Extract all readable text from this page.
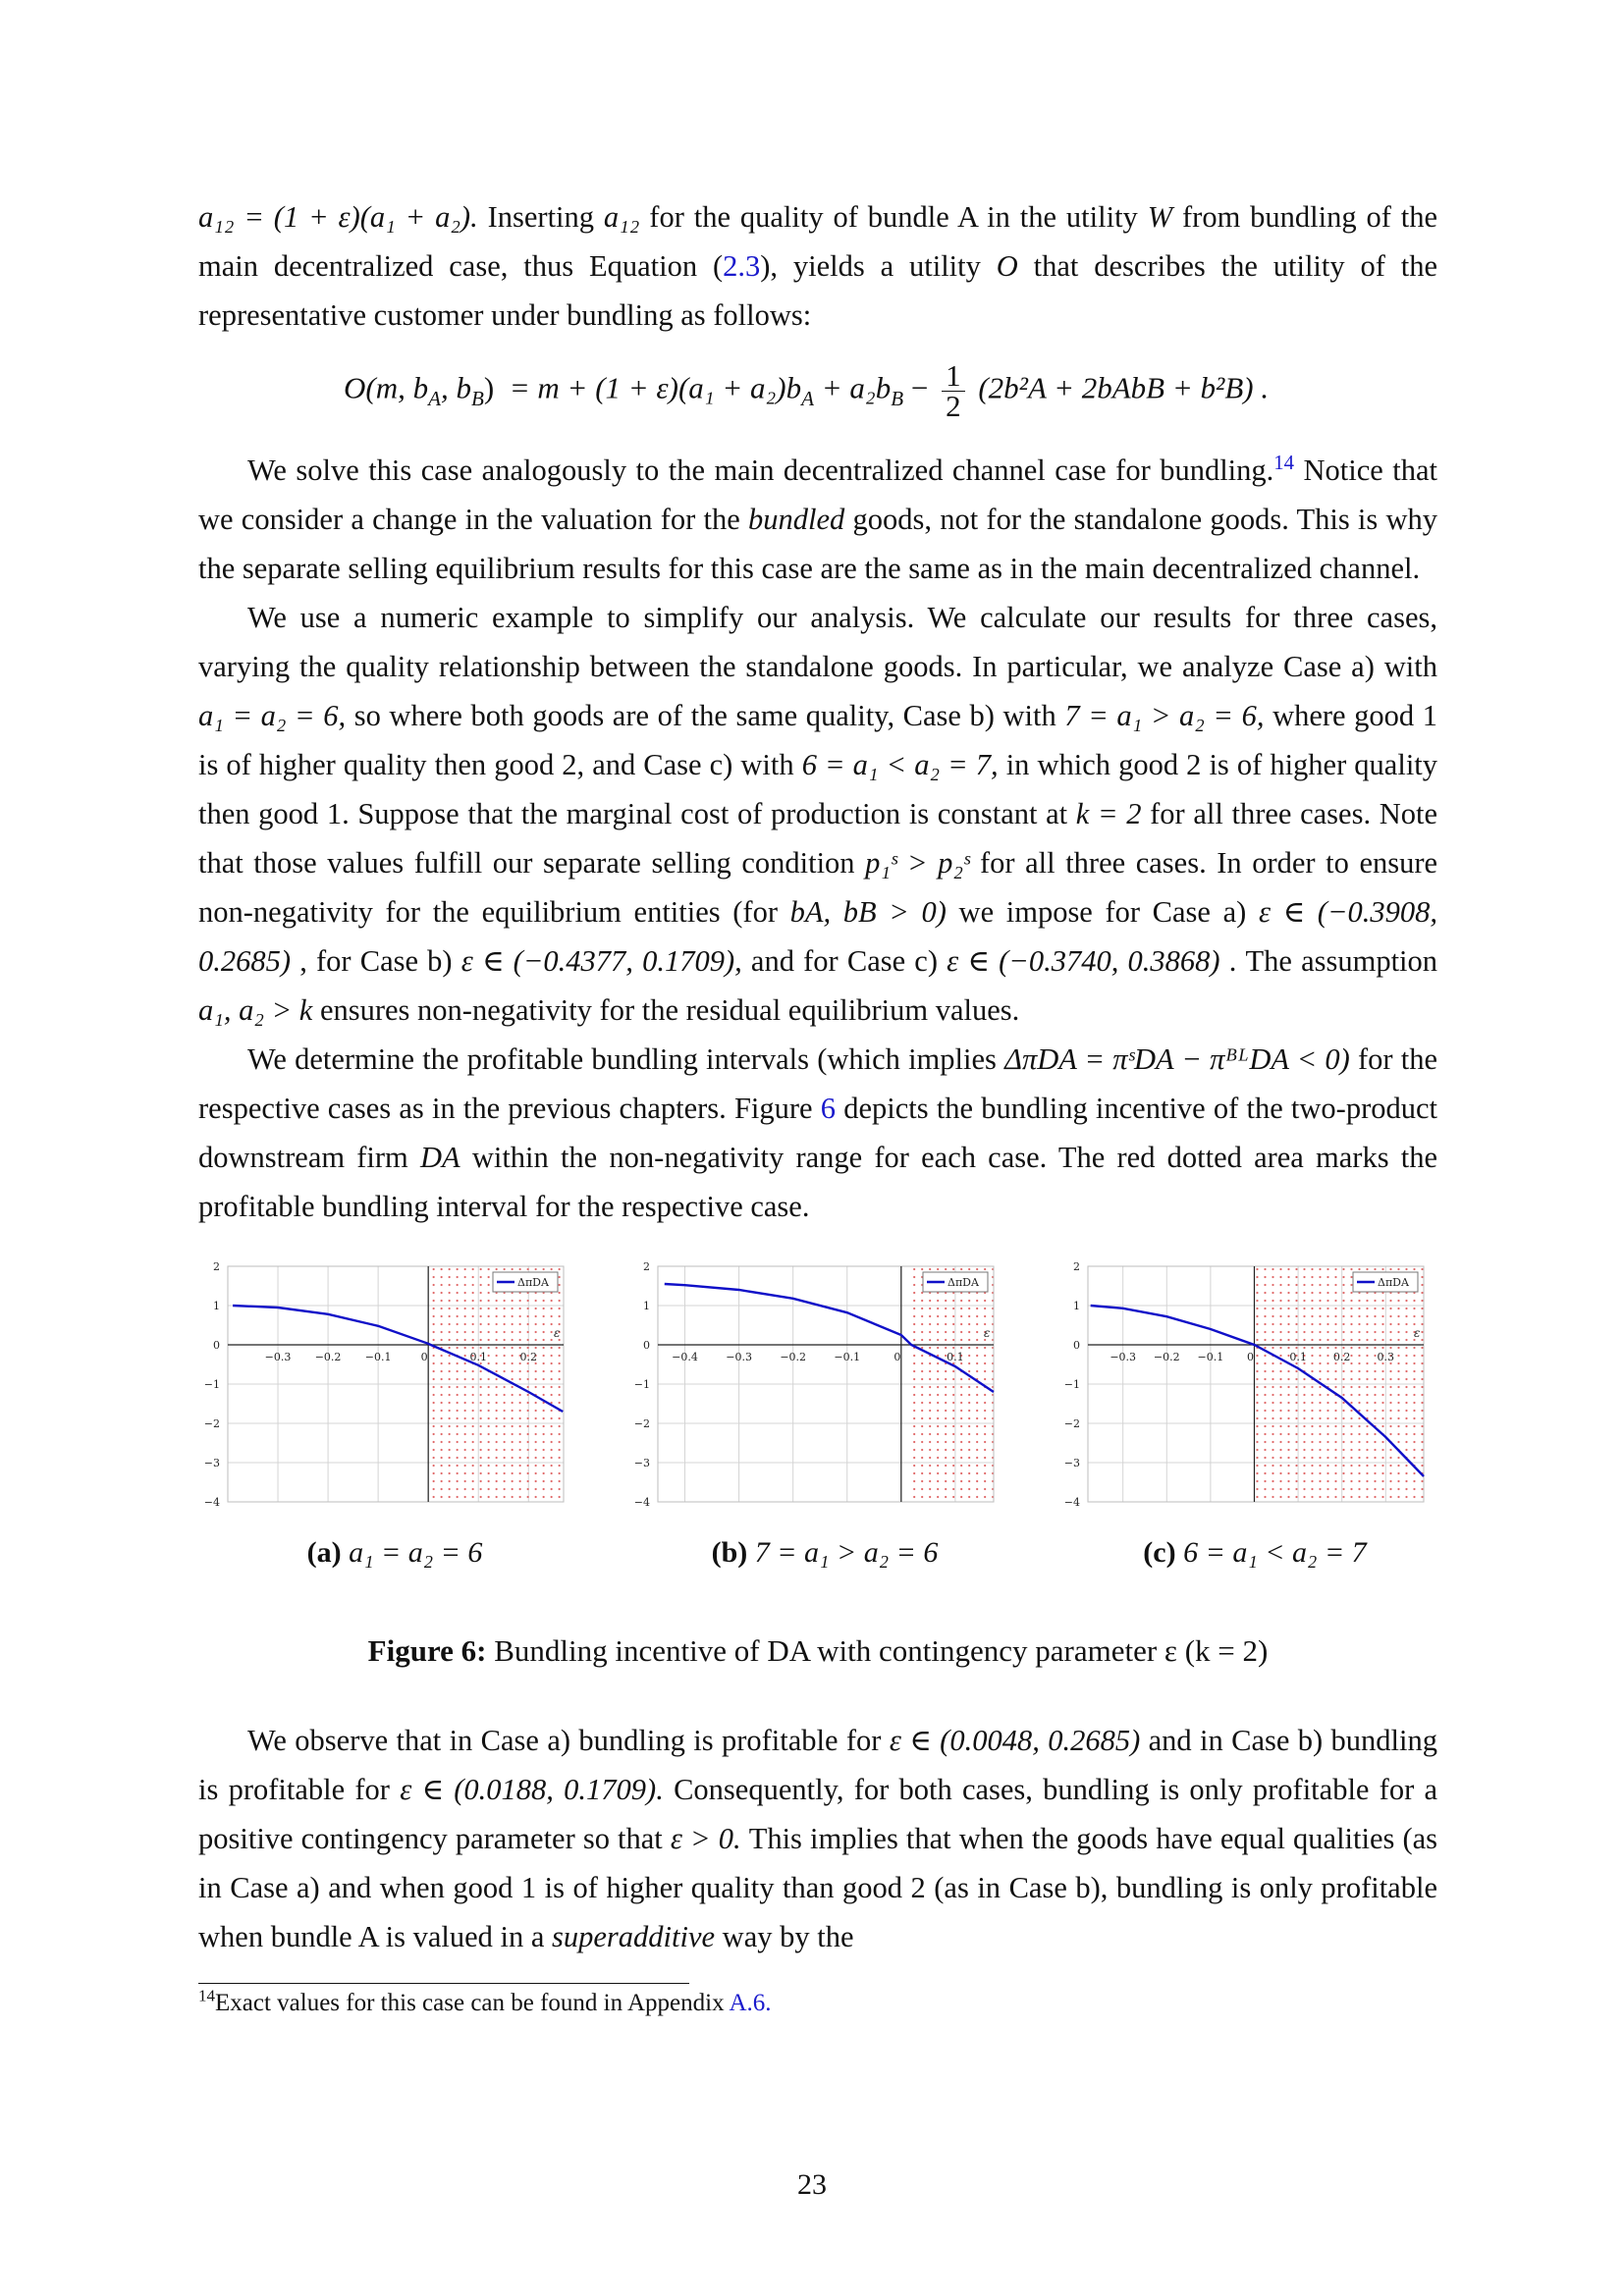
a₁₂ = (1 + ε)(a₁ + a₂). Inserting a₁₂ for the quality of bundle A in the utility W from bundling of the main decentralized case, thus Equation (2.3), yields a utility O that describes the utility of the representative customer under bundling as follows:

O(m, $b_A$, $b_B) = m + (1 + \varepsilon)(a_1 + a_2)b_A + a_2b_B - \frac{1}{2} (2b^2A$ + 2bAbB + b²B) .

We solve this case analogously to the main decentralized channel case for bundling.$^{14}$ Notice that we consider a change in the valuation for the bundled goods, not for the standalone goods. This is why the separate selling equilibrium results for this case are the same as in the main decentralized channel.

We use a numeric example to simplify our analysis. We calculate our results for three cases, varying the quality relationship between the standalone goods. In particular, we analyze Case a) with a₁ = a₂ = 6, so where both goods are of the same quality, Case b) with 7 = a₁ > a₂ = 6, where good 1 is of higher quality then good 2, and Case c) with 6 = a₁ < a₂ = 7, in which good 2 is of higher quality then good 1. Suppose that the marginal cost of production is constant at k = 2 for all three cases. Note that those values fulfill our separate selling condition p₁ˢ > p₂ˢ for all three cases. In order to ensure non-negativity for the equilibrium entities (for bA, bB > 0) we impose for Case a) ε ∈ (−0.3908, 0.2685) , for Case b) ε ∈ (−0.4377, 0.1709), and for Case c) ε ∈ (−0.3740, 0.3868) . The assumption a₁, a₂ > k ensures non-negativity for the residual equilibrium values.

We determine the profitable bundling intervals (which implies ΔπDA = πˢDA − πᴮᴸDA < 0) for the respective cases as in the previous chapters. Figure 6 depicts the bundling incentive of the two-product downstream firm DA within the non-negativity range for each case. The red dotted area marks the profitable bundling interval for the respective case.

−0.3 −0.2 −0.1	0	0.1	0.2
2
1
0
−1
−2
−3
−4
ε
ΔπDA
(a) a₁ = a₂ = 6
−0.4	−0.3	−0.2	−0.1	0	0.1
2
1
0
−1
−2
−3
−4
ε
ΔπDA
(b) 7 = a₁ > a₂ = 6
−0.3 −0.2 −0.1 0	0.1 0.2 0.3
2
1
0
−1
−2
−3
−4
ε
ΔπDA
(c) 6 = a₁ < a₂ = 7
Figure 6: Bundling incentive of DA with contingency parameter ε (k = 2)

We observe that in Case a) bundling is profitable for ε ∈ (0.0048, 0.2685) and in Case b) bundling is profitable for ε ∈ (0.0188, 0.1709). Consequently, for both cases, bundling is only profitable for a positive contingency parameter so that ε > 0. This implies that when the goods have equal qualities (as in Case a) and when good 1 is of higher quality than good 2 (as in Case b), bundling is only profitable when bundle A is valued in a superadditive way by the

$^{14}$Exact values for this case can be found in Appendix A.6.
23
